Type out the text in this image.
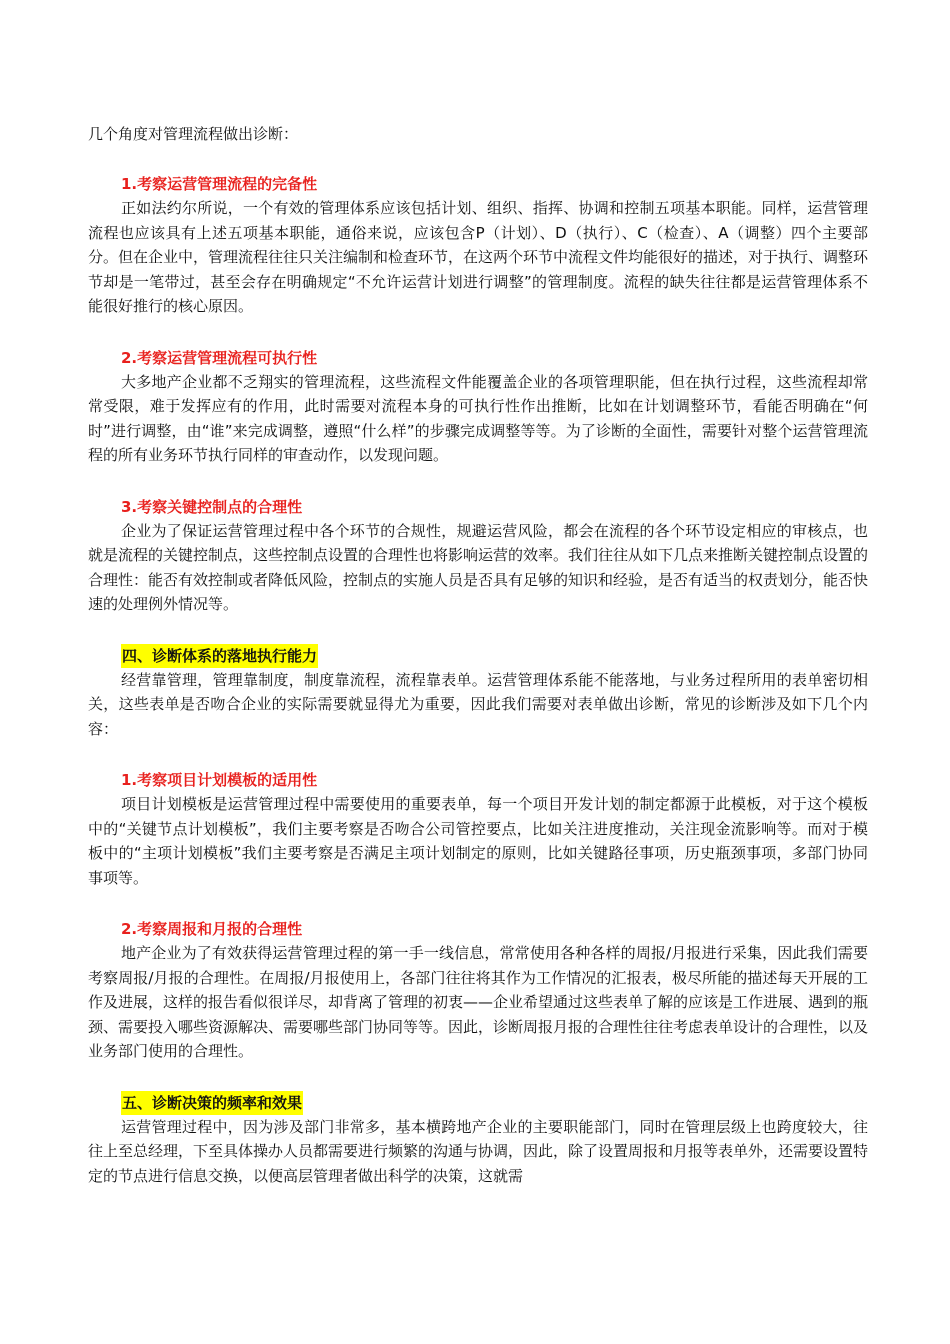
几个角度对管理流程做出诊断：

1.考察运营管理流程的完备性

正如法约尔所说，一个有效的管理体系应该包括计划、组织、指挥、协调和控制五项基本职能。同样，运营管理流程也应该具有上述五项基本职能，通俗来说，应该包含P（计划）、D（执行）、C（检查）、A（调整）四个主要部分。但在企业中，管理流程往往只关注编制和检查环节，在这两个环节中流程文件均能很好的描述，对于执行、调整环节却是一笔带过，甚至会存在明确规定“不允许运营计划进行调整”的管理制度。流程的缺失往往都是运营管理体系不能很好推行的核心原因。

2.考察运营管理流程可执行性

大多地产企业都不乏翔实的管理流程，这些流程文件能覆盖企业的各项管理职能，但在执行过程，这些流程却常常受限，难于发挥应有的作用，此时需要对流程本身的可执行性作出推断，比如在计划调整环节，看能否明确在“何时”进行调整，由“谁”来完成调整，遵照“什么样”的步骤完成调整等等。为了诊断的全面性，需要针对整个运营管理流程的所有业务环节执行同样的审查动作，以发现问题。

3.考察关键控制点的合理性

企业为了保证运营管理过程中各个环节的合规性，规避运营风险，都会在流程的各个环节设定相应的审核点，也就是流程的关键控制点，这些控制点设置的合理性也将影响运营的效率。我们往往从如下几点来推断关键控制点设置的合理性：能否有效控制或者降低风险，控制点的实施人员是否具有足够的知识和经验，是否有适当的权责划分，能否快速的处理例外情况等。

四、诊断体系的落地执行能力

经营靠管理，管理靠制度，制度靠流程，流程靠表单。运营管理体系能不能落地，与业务过程所用的表单密切相关，这些表单是否吻合企业的实际需要就显得尤为重要，因此我们需要对表单做出诊断，常见的诊断涉及如下几个内容：

1.考察项目计划模板的适用性

项目计划模板是运营管理过程中需要使用的重要表单，每一个项目开发计划的制定都源于此模板，对于这个模板中的“关键节点计划模板”，我们主要考察是否吻合公司管控要点，比如关注进度推动，关注现金流影响等。而对于模板中的“主项计划模板”我们主要考察是否满足主项计划制定的原则，比如关键路径事项，历史瓶颈事项，多部门协同事项等。

2.考察周报和月报的合理性

地产企业为了有效获得运营管理过程的第一手一线信息，常常使用各种各样的周报/月报进行采集，因此我们需要考察周报/月报的合理性。在周报/月报使用上，各部门往往将其作为工作情况的汇报表，极尽所能的描述每天开展的工作及进展，这样的报告看似很详尽，却背离了管理的初衷——企业希望通过这些表单了解的应该是工作进展、遇到的瓶颈、需要投入哪些资源解决、需要哪些部门协同等等。因此，诊断周报月报的合理性往往考虑表单设计的合理性，以及业务部门使用的合理性。

五、诊断决策的频率和效果

运营管理过程中，因为涉及部门非常多，基本横跨地产企业的主要职能部门，同时在管理层级上也跨度较大，往往上至总经理，下至具体操办人员都需要进行频繁的沟通与协调，因此，除了设置周报和月报等表单外，还需要设置特定的节点进行信息交换，以便高层管理者做出科学的决策，这就需
